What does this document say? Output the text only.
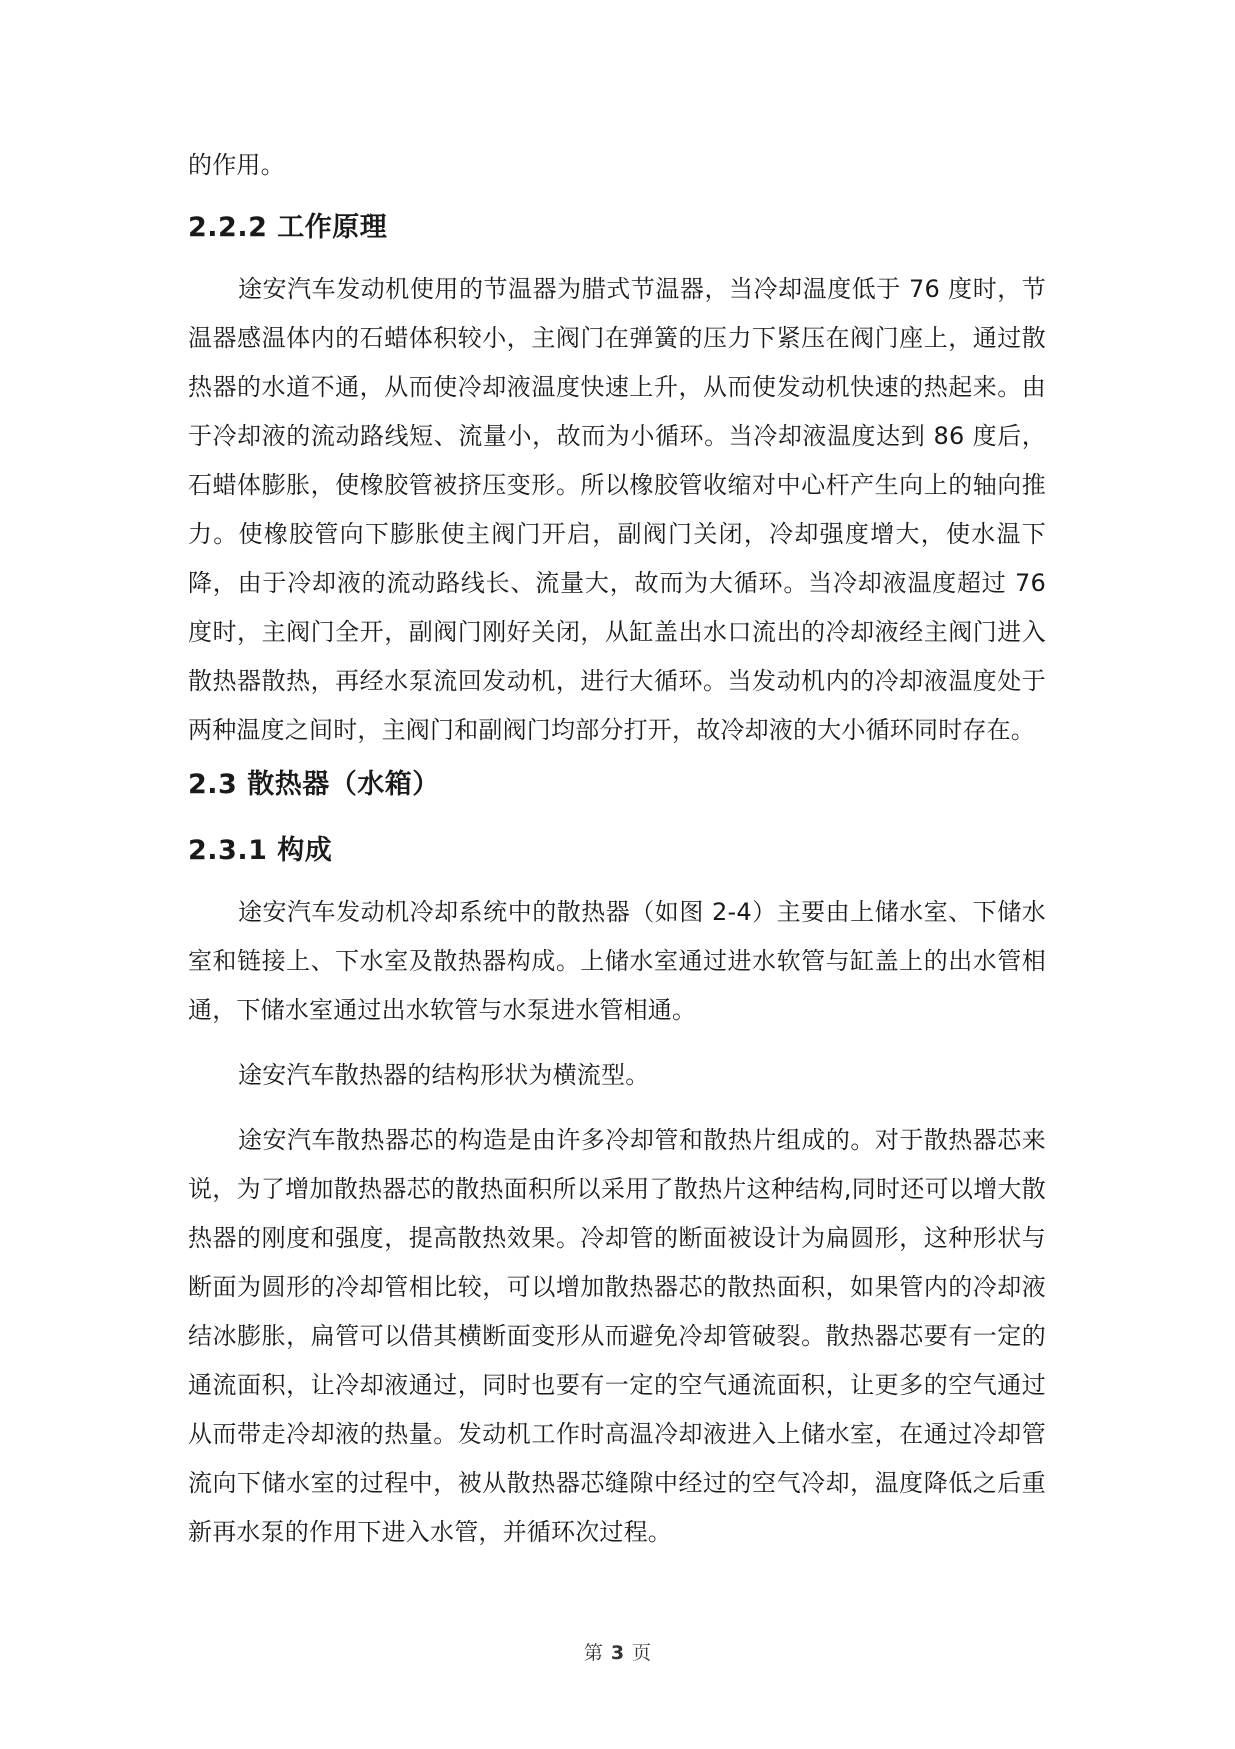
的作用。

2.2.2 工作原理

途安汽车发动机使用的节温器为腊式节温器，当冷却温度低于 76 度时，节温器感温体内的石蜡体积较小，主阀门在弹簧的压力下紧压在阀门座上，通过散热器的水道不通，从而使冷却液温度快速上升，从而使发动机快速的热起来。由于冷却液的流动路线短、流量小，故而为小循环。当冷却液温度达到 86 度后，石蜡体膨胀，使橡胶管被挤压变形。所以橡胶管收缩对中心杆产生向上的轴向推力。使橡胶管向下膨胀使主阀门开启，副阀门关闭，冷却强度增大，使水温下降，由于冷却液的流动路线长、流量大，故而为大循环。当冷却液温度超过 76 度时，主阀门全开，副阀门刚好关闭，从缸盖出水口流出的冷却液经主阀门进入散热器散热，再经水泵流回发动机，进行大循环。当发动机内的冷却液温度处于两种温度之间时，主阀门和副阀门均部分打开，故冷却液的大小循环同时存在。

2.3 散热器（水箱）
2.3.1 构成

途安汽车发动机冷却系统中的散热器（如图 2-4）主要由上储水室、下储水室和链接上、下水室及散热器构成。上储水室通过进水软管与缸盖上的出水管相通，下储水室通过出水软管与水泵进水管相通。

途安汽车散热器的结构形状为横流型。

途安汽车散热器芯的构造是由许多冷却管和散热片组成的。对于散热器芯来说，为了增加散热器芯的散热面积所以采用了散热片这种结构,同时还可以增大散热器的刚度和强度，提高散热效果。冷却管的断面被设计为扁圆形，这种形状与断面为圆形的冷却管相比较，可以增加散热器芯的散热面积，如果管内的冷却液结冰膨胀，扁管可以借其横断面变形从而避免冷却管破裂。散热器芯要有一定的通流面积，让冷却液通过，同时也要有一定的空气通流面积，让更多的空气通过从而带走冷却液的热量。发动机工作时高温冷却液进入上储水室，在通过冷却管流向下储水室的过程中，被从散热器芯缝隙中经过的空气冷却，温度降低之后重新再水泵的作用下进入水管，并循环次过程。

第 3 页
